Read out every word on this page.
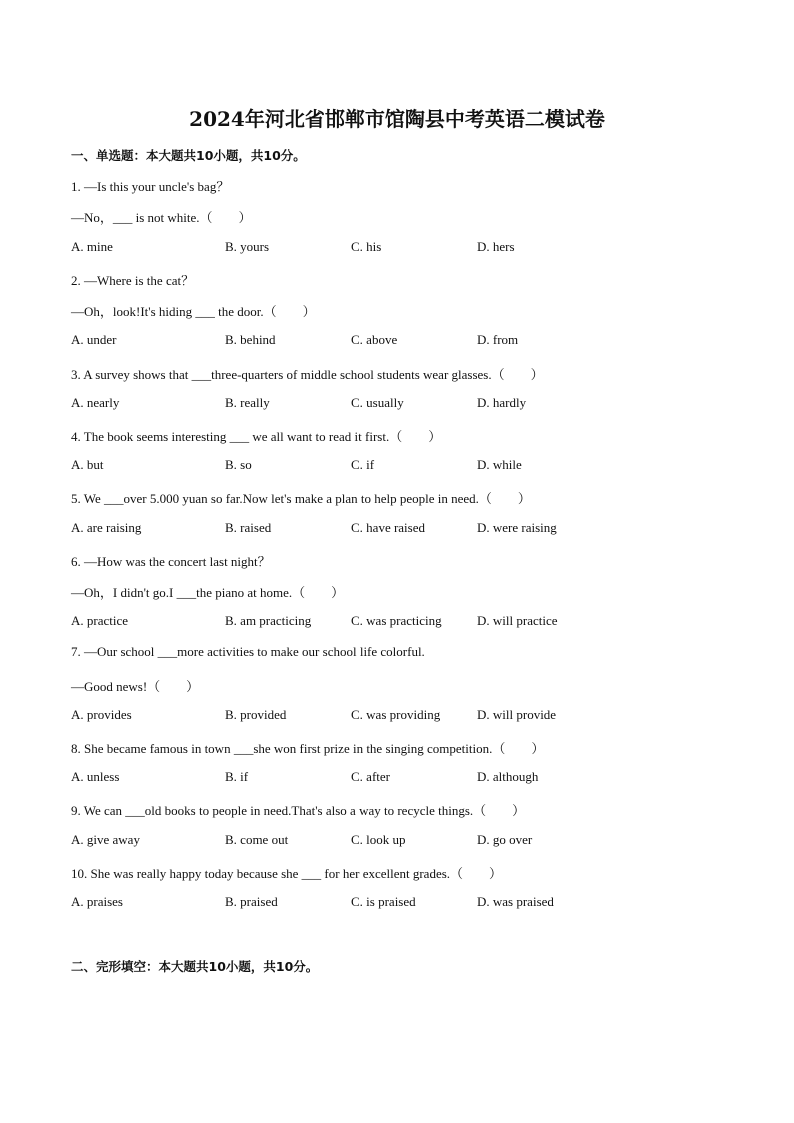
2024年河北省邯郸市馆陶县中考英语二模试卷
一、单选题：本大题共10小题，共10分。
1. —Is this your uncle's bag？
—No，___ is not white.（　　）
A. mine	B. yours	C. his	D. hers
2. —Where is the cat？
—Oh，look!It's hiding ___ the door.（　　）
A. under	B. behind	C. above	D. from
3. A survey shows that ___three-quarters of middle school students wear glasses.（　　）
A. nearly	B. really	C. usually	D. hardly
4. The book seems interesting ___ we all want to read it first.（　　）
A. but	B. so	C. if	D. while
5. We ___over 5.000 yuan so far.Now let's make a plan to help people in need.（　　）
A. are raising	B. raised	C. have raised	D. were raising
6. —How was the concert last night？
—Oh，I didn't go.I ___the piano at home.（　　）
A. practice	B. am practicing	C. was practicing	D. will practice
7. —Our school ___more activities to make our school life colorful.
—Good news!（　　）
A. provides	B. provided	C. was providing	D. will provide
8. She became famous in town ___she won first prize in the singing competition.（　　）
A. unless	B. if	C. after	D. although
9. We can ___old books to people in need.That's also a way to recycle things.（　　）
A. give away	B. come out	C. look up	D. go over
10. She was really happy today because she ___ for her excellent grades.（　　）
A. praises	B. praised	C. is praised	D. was praised
二、完形填空：本大题共10小题，共10分。
